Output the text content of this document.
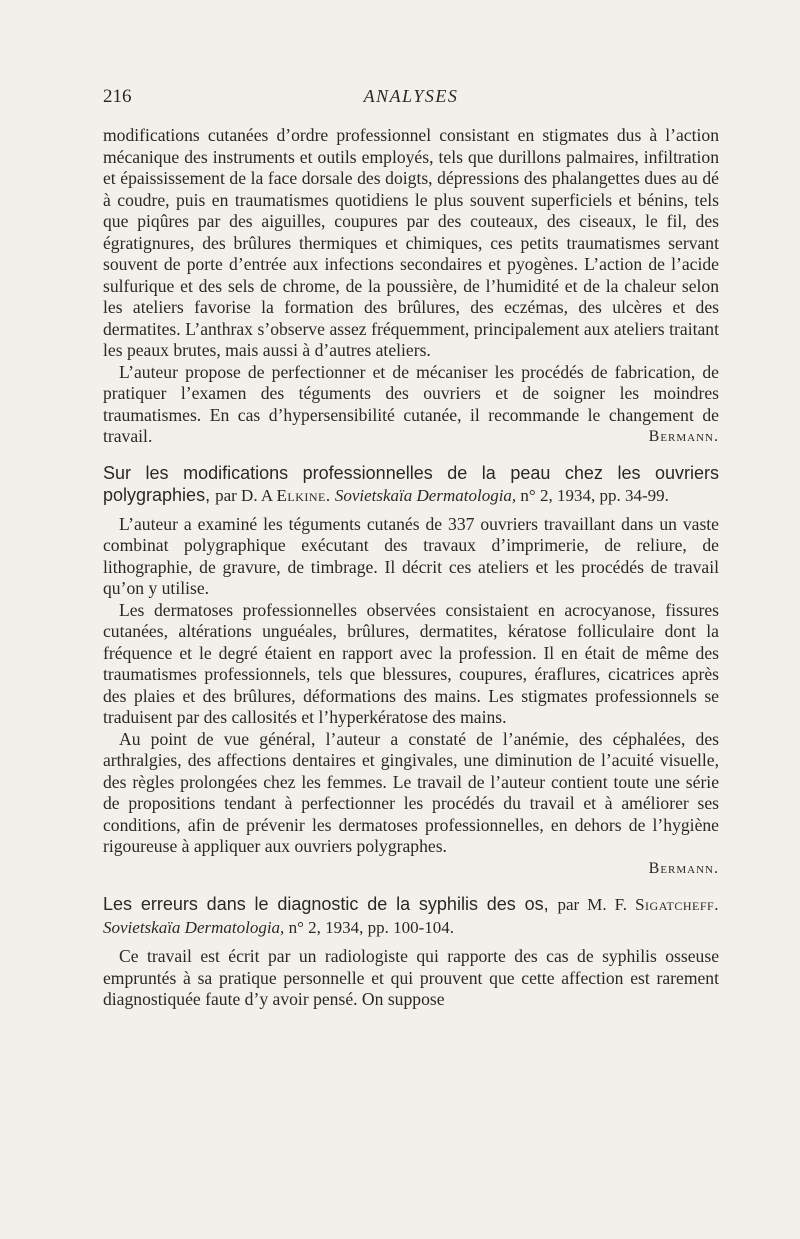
216	ANALYSES

modifications cutanées d’ordre professionnel consistant en stigmates dus à l’action mécanique des instruments et outils employés, tels que durillons palmaires, infiltration et épaississement de la face dorsale des doigts, dépressions des phalangettes dues au dé à coudre, puis en traumatismes quotidiens le plus souvent superficiels et bénins, tels que piqûres par des aiguilles, coupures par des couteaux, des ciseaux, le fil, des égratignures, des brûlures thermiques et chimiques, ces petits traumatismes servant souvent de porte d’entrée aux infections secondaires et pyogènes. L’action de l’acide sulfurique et des sels de chrome, de la poussière, de l’humidité et de la chaleur selon les ateliers favorise la formation des brûlures, des eczémas, des ulcères et des dermatites. L’anthrax s’observe assez fréquemment, principalement aux ateliers traitant les peaux brutes, mais aussi à d’autres ateliers.

L’auteur propose de perfectionner et de mécaniser les procédés de fabrication, de pratiquer l’examen des téguments des ouvriers et de soigner les moindres traumatismes. En cas d’hypersensibilité cutanée, il recommande le changement de travail.	Bermann.

Sur les modifications professionnelles de la peau chez les ouvriers polygraphies, par D. A Elkine. Sovietskaïa Dermatologia, n° 2, 1934, pp. 34-99.

L’auteur a examiné les téguments cutanés de 337 ouvriers travaillant dans un vaste combinat polygraphique exécutant des travaux d’imprimerie, de reliure, de lithographie, de gravure, de timbrage. Il décrit ces ateliers et les procédés de travail qu’on y utilise.

Les dermatoses professionnelles observées consistaient en acrocyanose, fissures cutanées, altérations unguéales, brûlures, dermatites, kératose folliculaire dont la fréquence et le degré étaient en rapport avec la profession. Il en était de même des traumatismes professionnels, tels que blessures, coupures, éraflures, cicatrices après des plaies et des brûlures, déformations des mains. Les stigmates professionnels se traduisent par des callosités et l’hyperkératose des mains.

Au point de vue général, l’auteur a constaté de l’anémie, des céphalées, des arthralgies, des affections dentaires et gingivales, une diminution de l’acuité visuelle, des règles prolongées chez les femmes. Le travail de l’auteur contient toute une série de propositions tendant à perfectionner les procédés du travail et à améliorer ses conditions, afin de prévenir les dermatoses professionnelles, en dehors de l’hygiène rigoureuse à appliquer aux ouvriers polygraphes.

Bermann.

Les erreurs dans le diagnostic de la syphilis des os, par M. F. Sigatcheff. Sovietskaïa Dermatologia, n° 2, 1934, pp. 100-104.

Ce travail est écrit par un radiologiste qui rapporte des cas de syphilis osseuse empruntés à sa pratique personnelle et qui prouvent que cette affection est rarement diagnostiquée faute d’y avoir pensé. On suppose
